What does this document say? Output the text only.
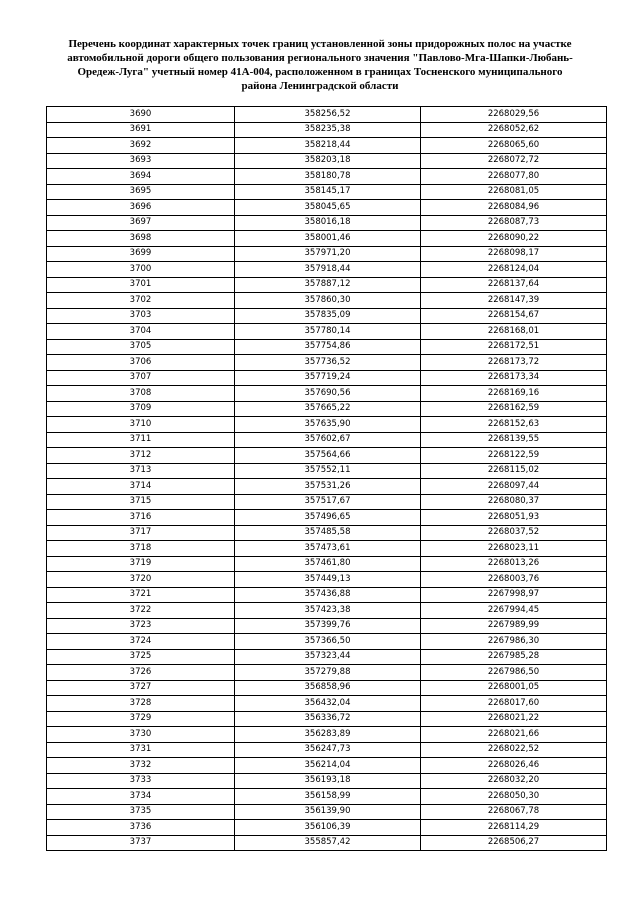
Перечень координат характерных точек границ установленной зоны придорожных полос на участке
автомобильной дороги общего пользования регионального значения "Павлово-Мга-Шапки-Любань-
Оредеж-Луга" учетный номер 41А-004, расположенном в границах Тосненского муниципального
района Ленинградской области
3690	358256,52	2268029,56
3691	358235,38	2268052,62
3692	358218,44	2268065,60
3693	358203,18	2268072,72
3694	358180,78	2268077,80
3695	358145,17	2268081,05
3696	358045,65	2268084,96
3697	358016,18	2268087,73
3698	358001,46	2268090,22
3699	357971,20	2268098,17
3700	357918,44	2268124,04
3701	357887,12	2268137,64
3702	357860,30	2268147,39
3703	357835,09	2268154,67
3704	357780,14	2268168,01
3705	357754,86	2268172,51
3706	357736,52	2268173,72
3707	357719,24	2268173,34
3708	357690,56	2268169,16
3709	357665,22	2268162,59
3710	357635,90	2268152,63
3711	357602,67	2268139,55
3712	357564,66	2268122,59
3713	357552,11	2268115,02
3714	357531,26	2268097,44
3715	357517,67	2268080,37
3716	357496,65	2268051,93
3717	357485,58	2268037,52
3718	357473,61	2268023,11
3719	357461,80	2268013,26
3720	357449,13	2268003,76
3721	357436,88	2267998,97
3722	357423,38	2267994,45
3723	357399,76	2267989,99
3724	357366,50	2267986,30
3725	357323,44	2267985,28
3726	357279,88	2267986,50
3727	356858,96	2268001,05
3728	356432,04	2268017,60
3729	356336,72	2268021,22
3730	356283,89	2268021,66
3731	356247,73	2268022,52
3732	356214,04	2268026,46
3733	356193,18	2268032,20
3734	356158,99	2268050,30
3735	356139,90	2268067,78
3736	356106,39	2268114,29
3737	355857,42	2268506,27
